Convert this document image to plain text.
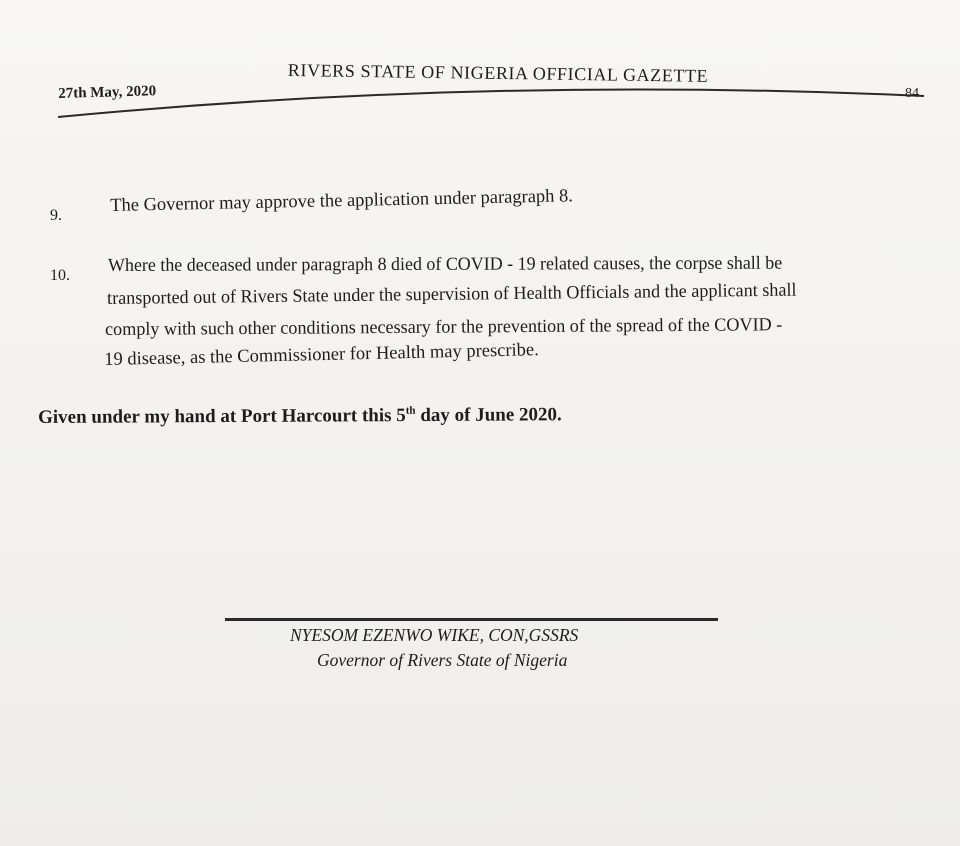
RIVERS STATE OF NIGERIA OFFICIAL GAZETTE
27th May, 2020	84
9.	The Governor may approve the application under paragraph 8.
10. Where the deceased under paragraph 8 died of COVID - 19 related causes, the corpse shall be
transported out of Rivers State under the supervision of Health Officials and the applicant shall
comply with such other conditions necessary for the prevention of the spread of the COVID -
19 disease, as the Commissioner for Health may prescribe.
Given under my hand at Port Harcourt this 5th day of June 2020.
NYESOM EZENWO WIKE, CON,GSSRS
Governor of Rivers State of Nigeria
